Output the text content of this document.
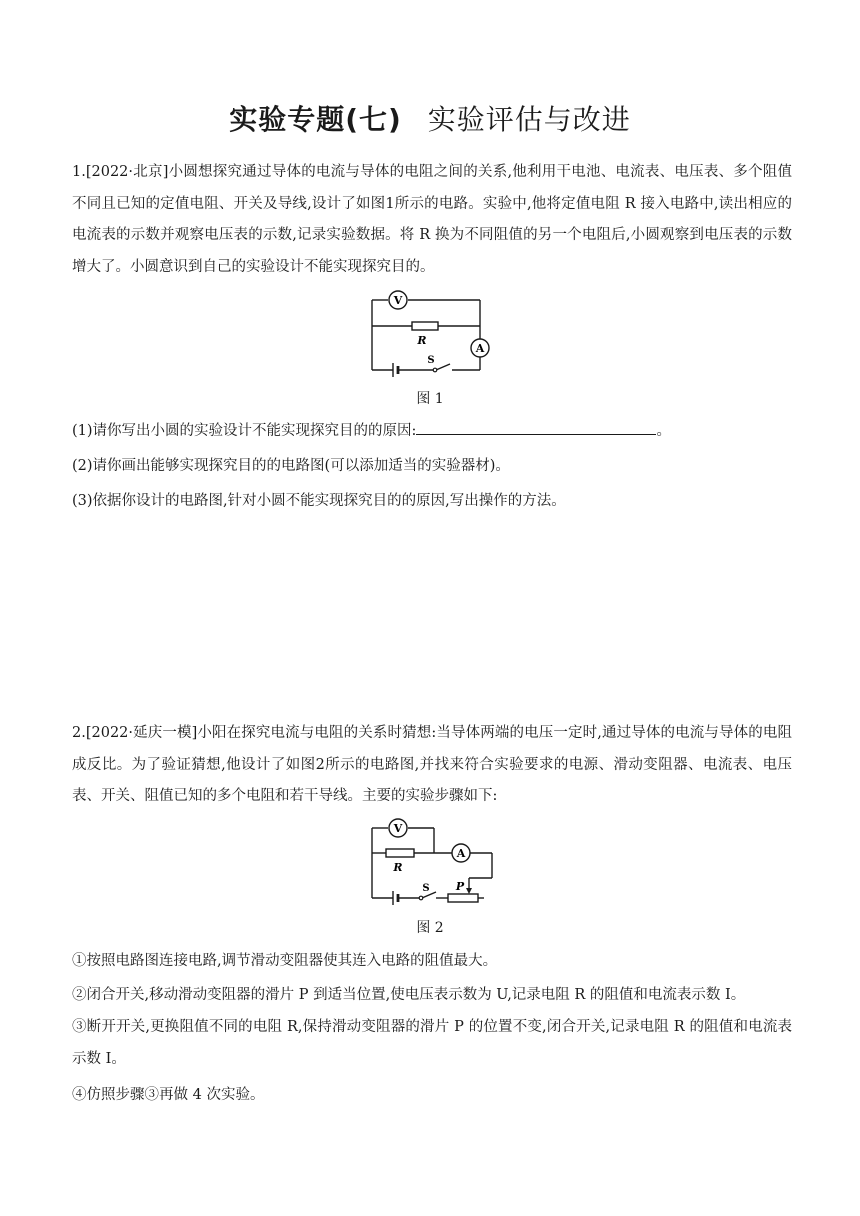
实验专题(七) 实验评估与改进
1.[2022·北京]小圆想探究通过导体的电流与导体的电阻之间的关系,他利用干电池、电流表、电压表、多个阻值不同且已知的定值电阻、开关及导线,设计了如图1所示的电路。实验中,他将定值电阻 R 接入电路中,读出相应的电流表的示数并观察电压表的示数,记录实验数据。将 R 换为不同阻值的另一个电阻后,小圆观察到电压表的示数增大了。小圆意识到自己的实验设计不能实现探究目的。
V
A
R
S
图 1
(1)请你写出小圆的实验设计不能实现探究目的的原因:	。
(2)请你画出能够实现探究目的的电路图(可以添加适当的实验器材)。
(3)依据你设计的电路图,针对小圆不能实现探究目的的原因,写出操作的方法。
2.[2022·延庆一模]小阳在探究电流与电阻的关系时猜想:当导体两端的电压一定时,通过导体的电流与导体的电阻成反比。为了验证猜想,他设计了如图2所示的电路图,并找来符合实验要求的电源、滑动变阻器、电流表、电压表、开关、阻值已知的多个电阻和若干导线。主要的实验步骤如下:
V
A
R
S P
图 2
①按照电路图连接电路,调节滑动变阻器使其连入电路的阻值最大。
②闭合开关,移动滑动变阻器的滑片 P 到适当位置,使电压表示数为 U,记录电阻 R 的阻值和电流表示数 I。
③断开开关,更换阻值不同的电阻 R,保持滑动变阻器的滑片 P 的位置不变,闭合开关,记录电阻 R 的阻值和电流表示数 I。
④仿照步骤③再做 4 次实验。
